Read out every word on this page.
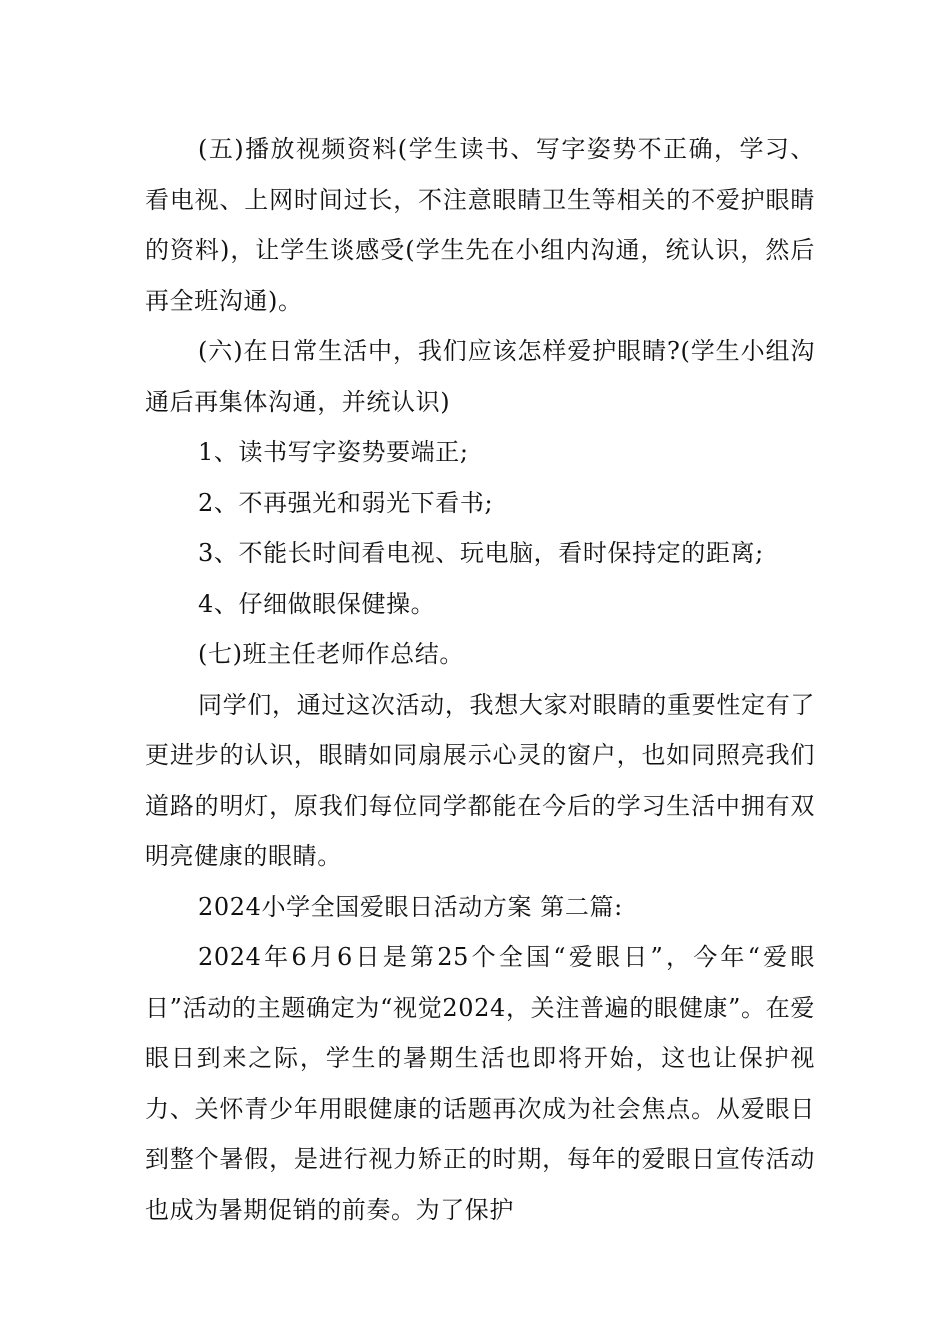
(五)播放视频资料(学生读书、写字姿势不正确，学习、看电视、上网时间过长，不注意眼睛卫生等相关的不爱护眼睛的资料)，让学生谈感受(学生先在小组内沟通，统认识，然后再全班沟通)。

(六)在日常生活中，我们应该怎样爱护眼睛?(学生小组沟通后再集体沟通，并统认识)

1、读书写字姿势要端正;

2、不再强光和弱光下看书;

3、不能长时间看电视、玩电脑，看时保持定的距离;

4、仔细做眼保健操。

(七)班主任老师作总结。

同学们，通过这次活动，我想大家对眼睛的重要性定有了更进步的认识，眼睛如同扇展示心灵的窗户，也如同照亮我们道路的明灯，原我们每位同学都能在今后的学习生活中拥有双明亮健康的眼睛。

2024小学全国爱眼日活动方案 第二篇:

2024年6月6日是第25个全国“爱眼日”，今年“爱眼日”活动的主题确定为“视觉2024，关注普遍的眼健康”。在爱眼日到来之际，学生的暑期生活也即将开始，这也让保护视力、关怀青少年用眼健康的话题再次成为社会焦点。从爱眼日到整个暑假，是进行视力矫正的时期，每年的爱眼日宣传活动也成为暑期促销的前奏。为了保护
